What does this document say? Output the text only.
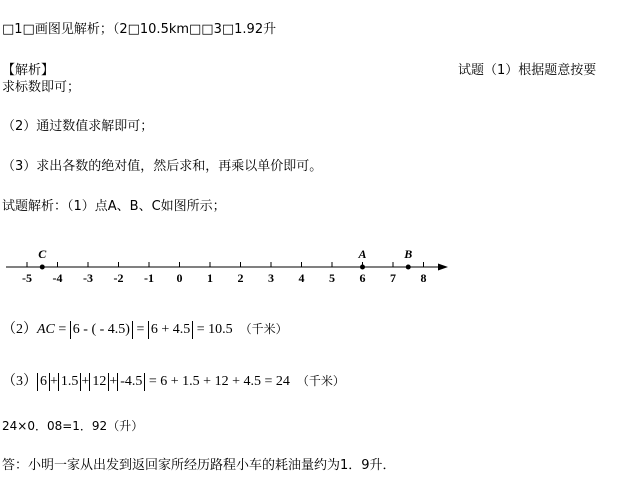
□1□画图见解析；（2□10.5km□□3□1.92升
【解析】	试题（1）根据题意按要
求标数即可；
（2）通过数值求解即可；
（3）求出各数的绝对值，然后求和，再乘以单价即可。
试题解析：（1）点A、B、C如图所示；
-5 -4 -3 -2 -1 0 1 2 3 4 5 6 7 8
C	A	B
（2）AC = 6 - ( - 4.5) = 6 + 4.5 = 10.5 （千米）
（3） 6 + 1.5 + 12 + -4.5 = 6 + 1.5 + 12 + 4.5 = 24 （千米）
24×0．08=1．92（升）
答：小明一家从出发到返回家所经历路程小车的耗油量约为1．9升．
